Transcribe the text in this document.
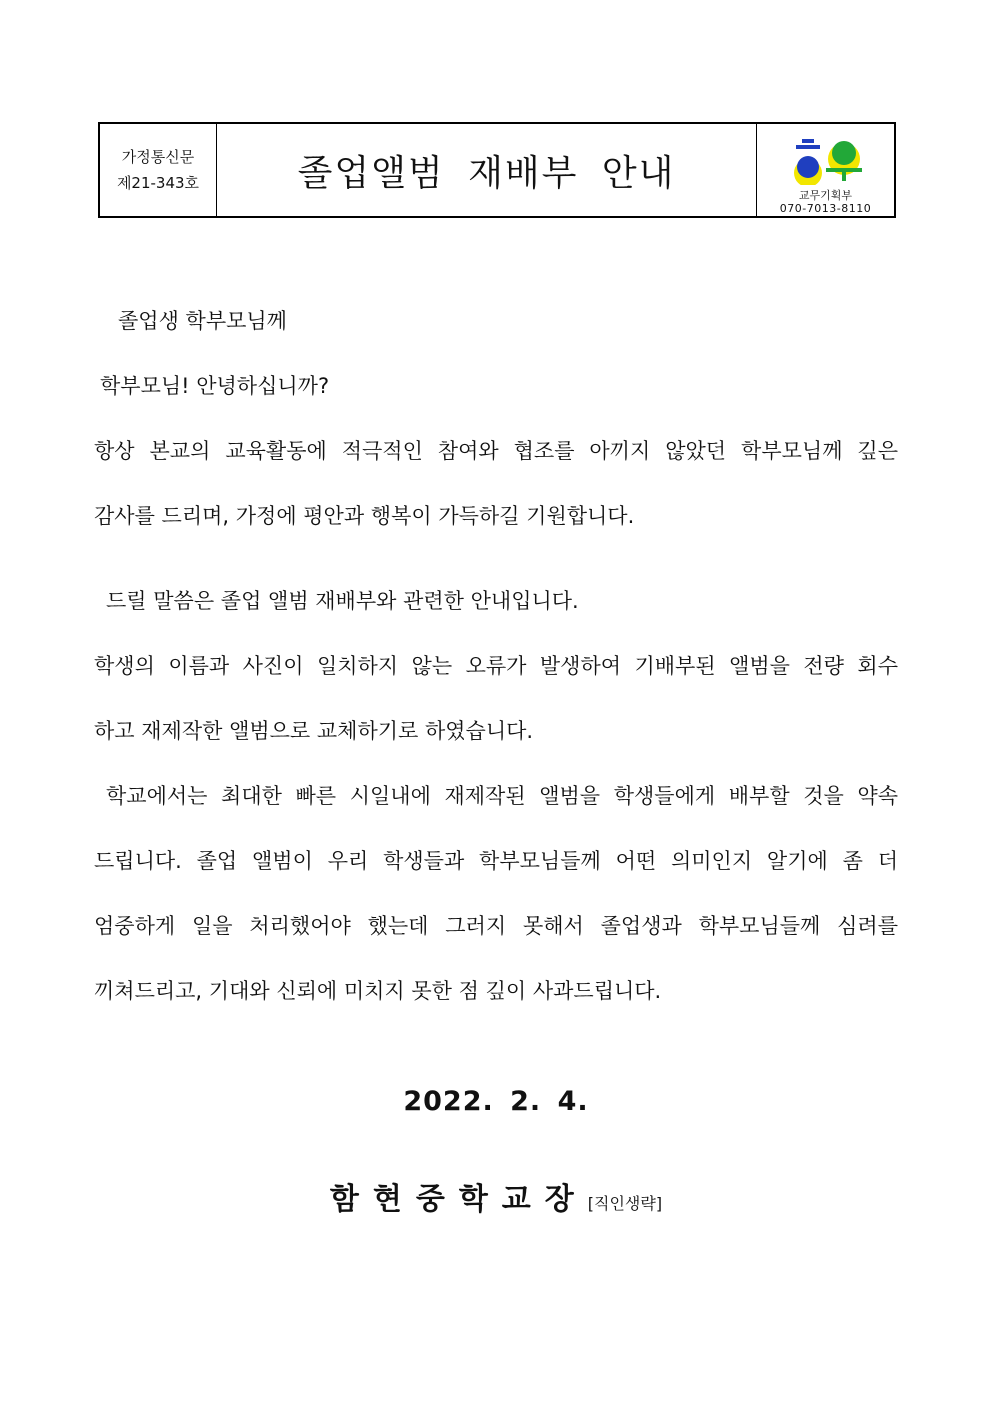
가정통신문
제21-343호	졸업앨범 재배부 안내
교무기획부
070-7013-8110

졸업생 학부모님께

학부모님! 안녕하십니까?

항상 본교의 교육활동에 적극적인 참여와 협조를 아끼지 않았던 학부모님께 깊은

감사를 드리며, 가정에 평안과 행복이 가득하길 기원합니다.

드릴 말씀은 졸업 앨범 재배부와 관련한 안내입니다.

학생의 이름과 사진이 일치하지 않는 오류가 발생하여 기배부된 앨범을 전량 회수

하고 재제작한 앨범으로 교체하기로 하였습니다.

학교에서는 최대한 빠른 시일내에 재제작된 앨범을 학생들에게 배부할 것을 약속

드립니다. 졸업 앨범이 우리 학생들과 학부모님들께 어떤 의미인지 알기에 좀 더

엄중하게 일을 처리했어야 했는데 그러지 못해서 졸업생과 학부모님들께 심려를

끼쳐드리고, 기대와 신뢰에 미치지 못한 점 깊이 사과드립니다.

2022. 2. 4.
함현중학교장[직인생략]
